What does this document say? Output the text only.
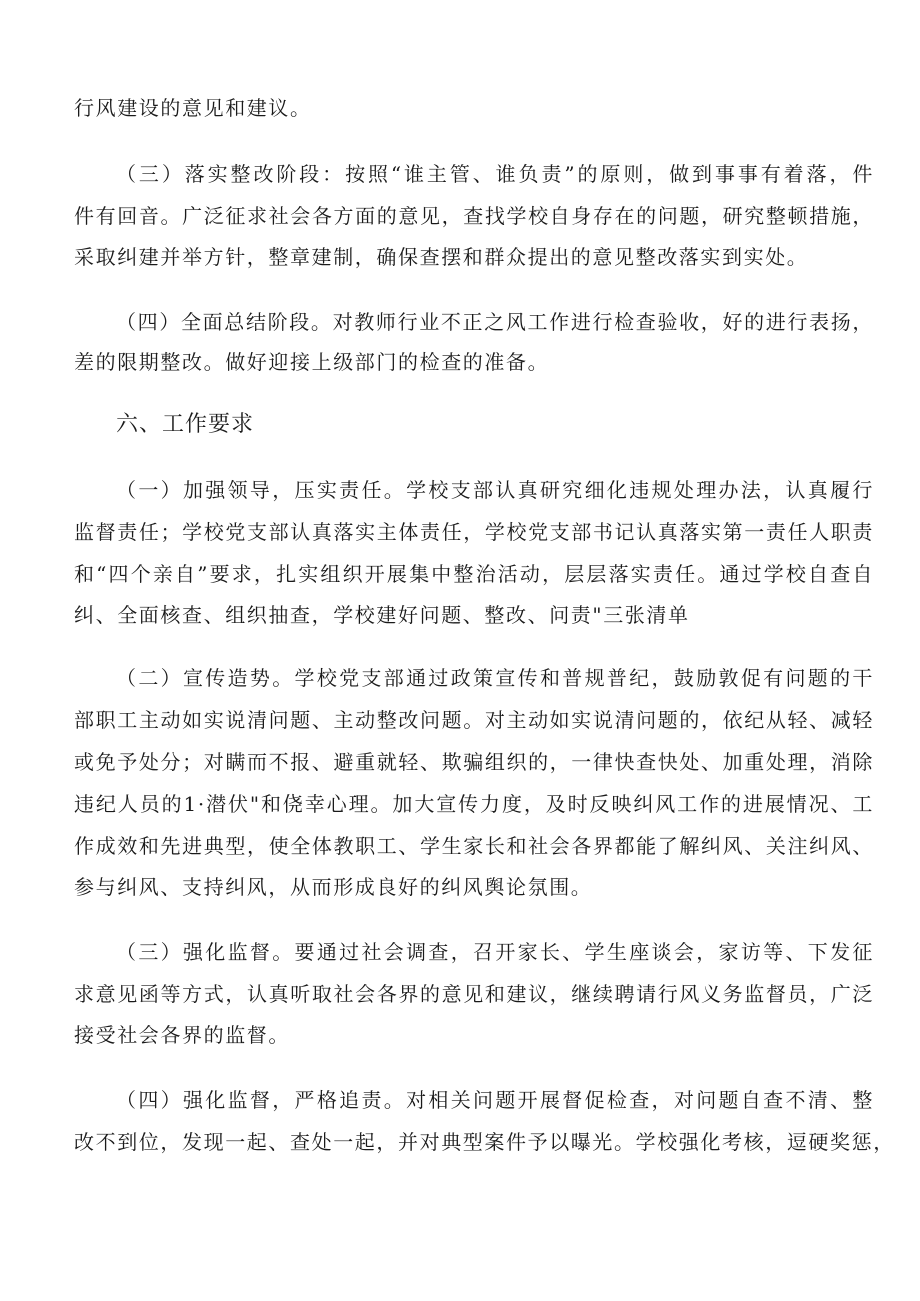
行风建设的意见和建议。
（三）落实整改阶段：按照“谁主管、谁负责”的原则，做到事事有着落，件
件有回音。广泛征求社会各方面的意见，查找学校自身存在的问题，研究整顿措施，
采取纠建并举方针，整章建制，确保查摆和群众提出的意见整改落实到实处。
（四）全面总结阶段。对教师行业不正之风工作进行检查验收，好的进行表扬，
差的限期整改。做好迎接上级部门的检查的准备。
六、工作要求
（一）加强领导，压实责任。学校支部认真研究细化违规处理办法，认真履行
监督责任；学校党支部认真落实主体责任，学校党支部书记认真落实第一责任人职责
和“四个亲自”要求，扎实组织开展集中整治活动，层层落实责任。通过学校自查自
纠、全面核查、组织抽查，学校建好问题、整改、问责"三张清单
（二）宣传造势。学校党支部通过政策宣传和普规普纪，鼓励敦促有问题的干
部职工主动如实说清问题、主动整改问题。对主动如实说清问题的，依纪从轻、减轻
或免予处分；对瞒而不报、避重就轻、欺骗组织的，一律快查快处、加重处理，消除
违纪人员的1·潜伏"和侥幸心理。加大宣传力度，及时反映纠风工作的进展情况、工
作成效和先进典型，使全体教职工、学生家长和社会各界都能了解纠风、关注纠风、
参与纠风、支持纠风，从而形成良好的纠风舆论氛围。
（三）强化监督。要通过社会调查，召开家长、学生座谈会，家访等、下发征
求意见函等方式，认真听取社会各界的意见和建议，继续聘请行风义务监督员，广泛
接受社会各界的监督。
（四）强化监督，严格追责。对相关问题开展督促检查，对问题自查不清、整
改不到位，发现一起、查处一起，并对典型案件予以曝光。学校强化考核，逗硬奖惩，
